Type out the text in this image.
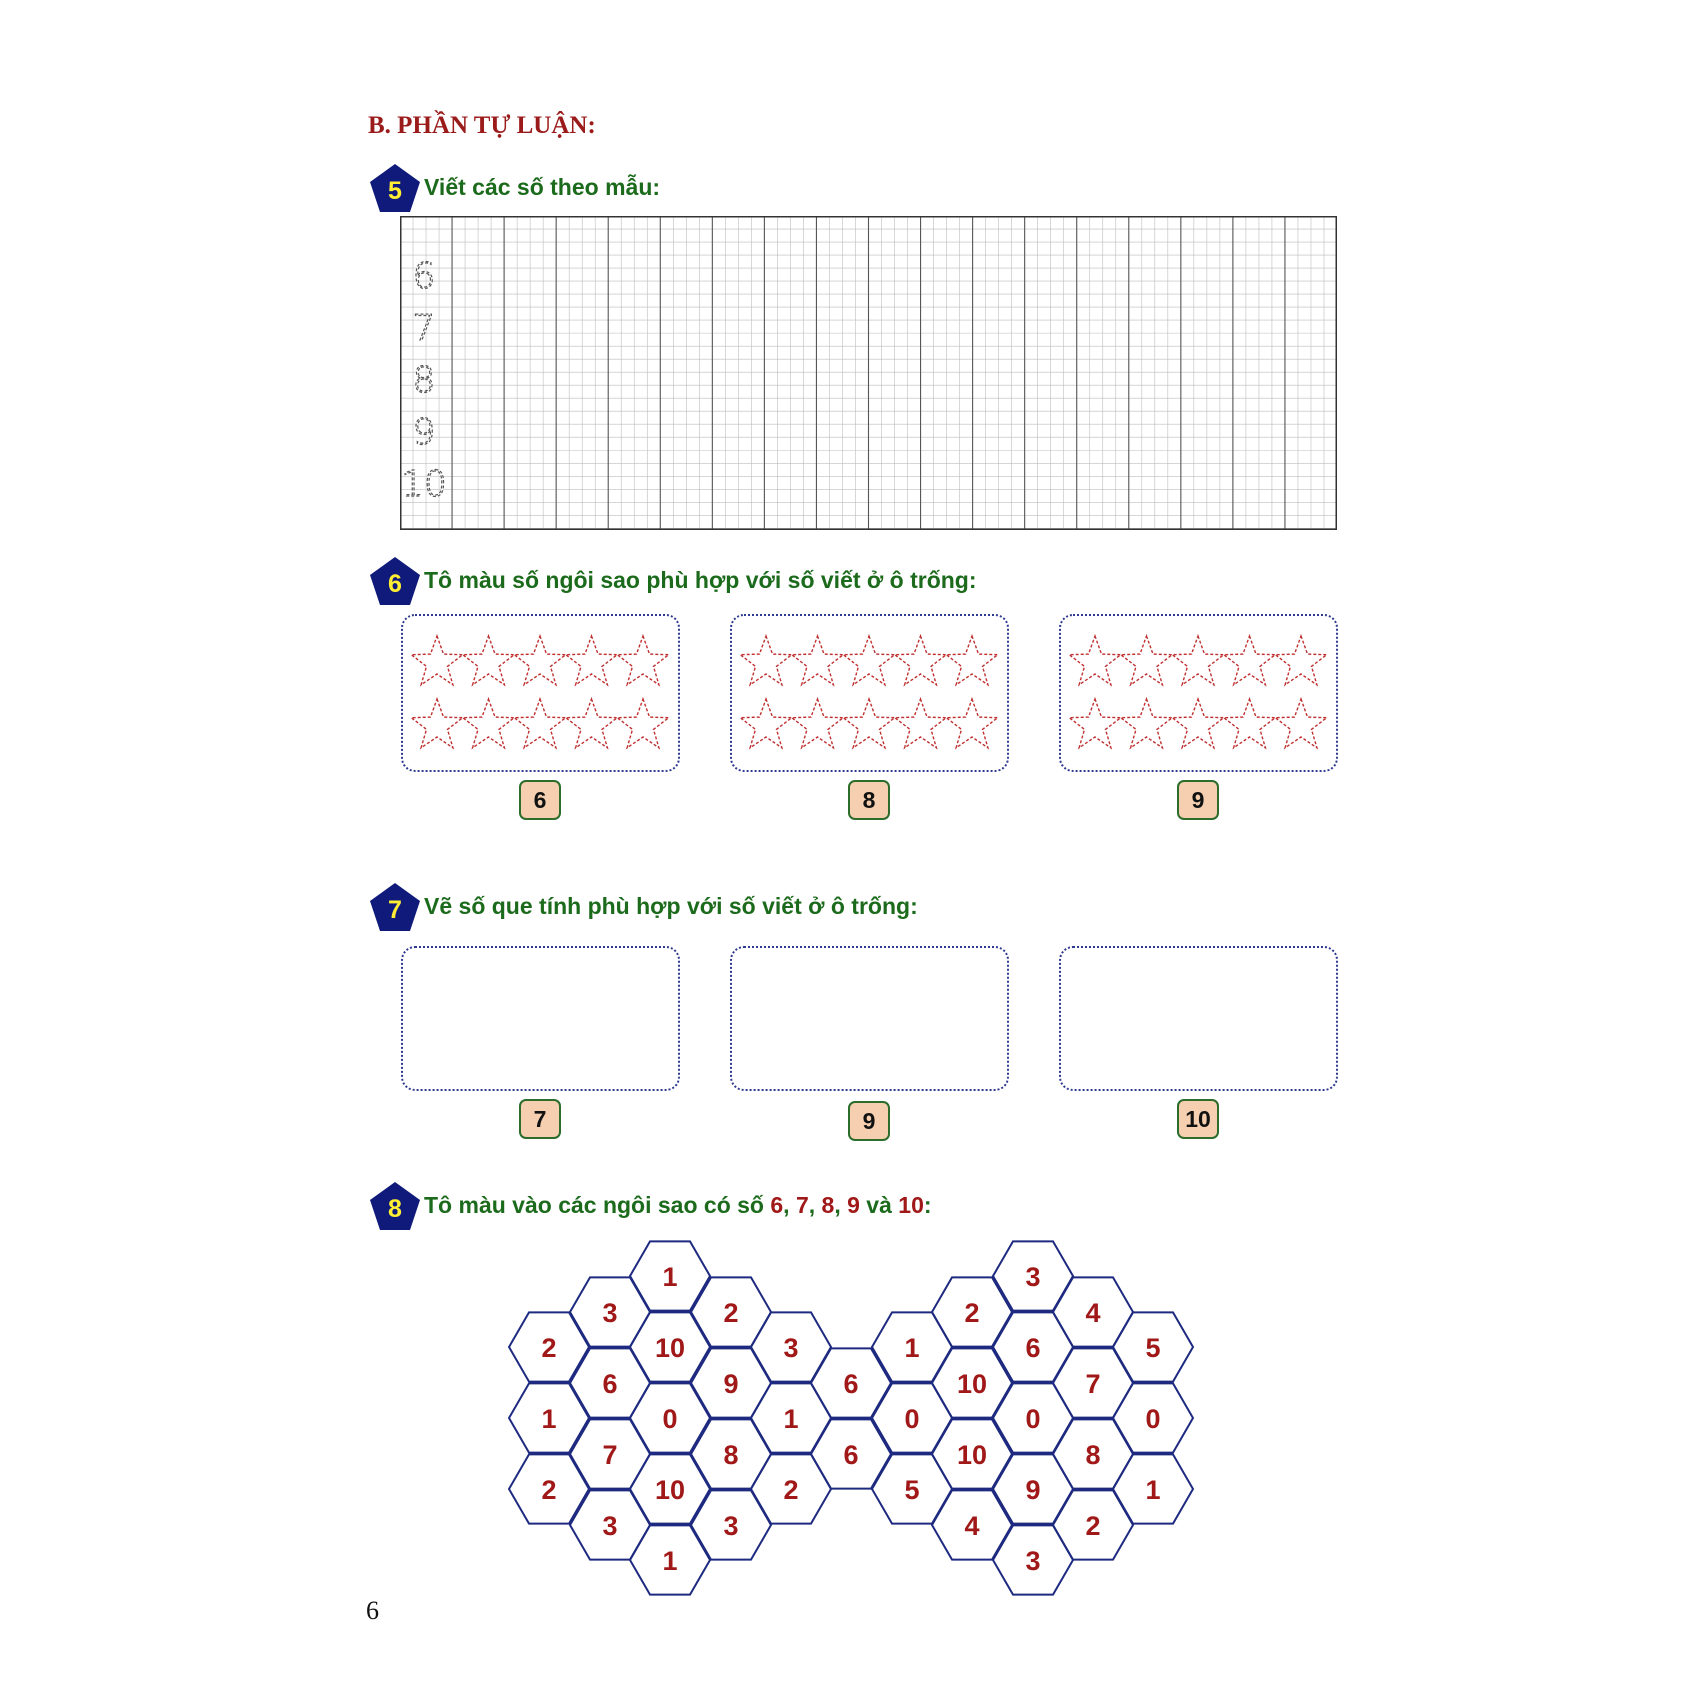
B. PHẦN TỰ LUẬN:
5 Viết các số theo mẫu:
6
7
8
9
10
6 Tô màu số ngôi sao phù hợp với số viết ở ô trống:
6	8	9
7 Vẽ số que tính phù hợp với số viết ở ô trống:
7	9	10
8 Tô màu vào các ngôi sao có số 6, 7, 8, 9 và 10:
2
1
2
3
6
7
3
1
10
0
10
1
2
9
8
3
3
1
2
6
6
1
0
5
2
10
10
4
3
6
0
9
3
4
7
8
2
5
0
1
6
